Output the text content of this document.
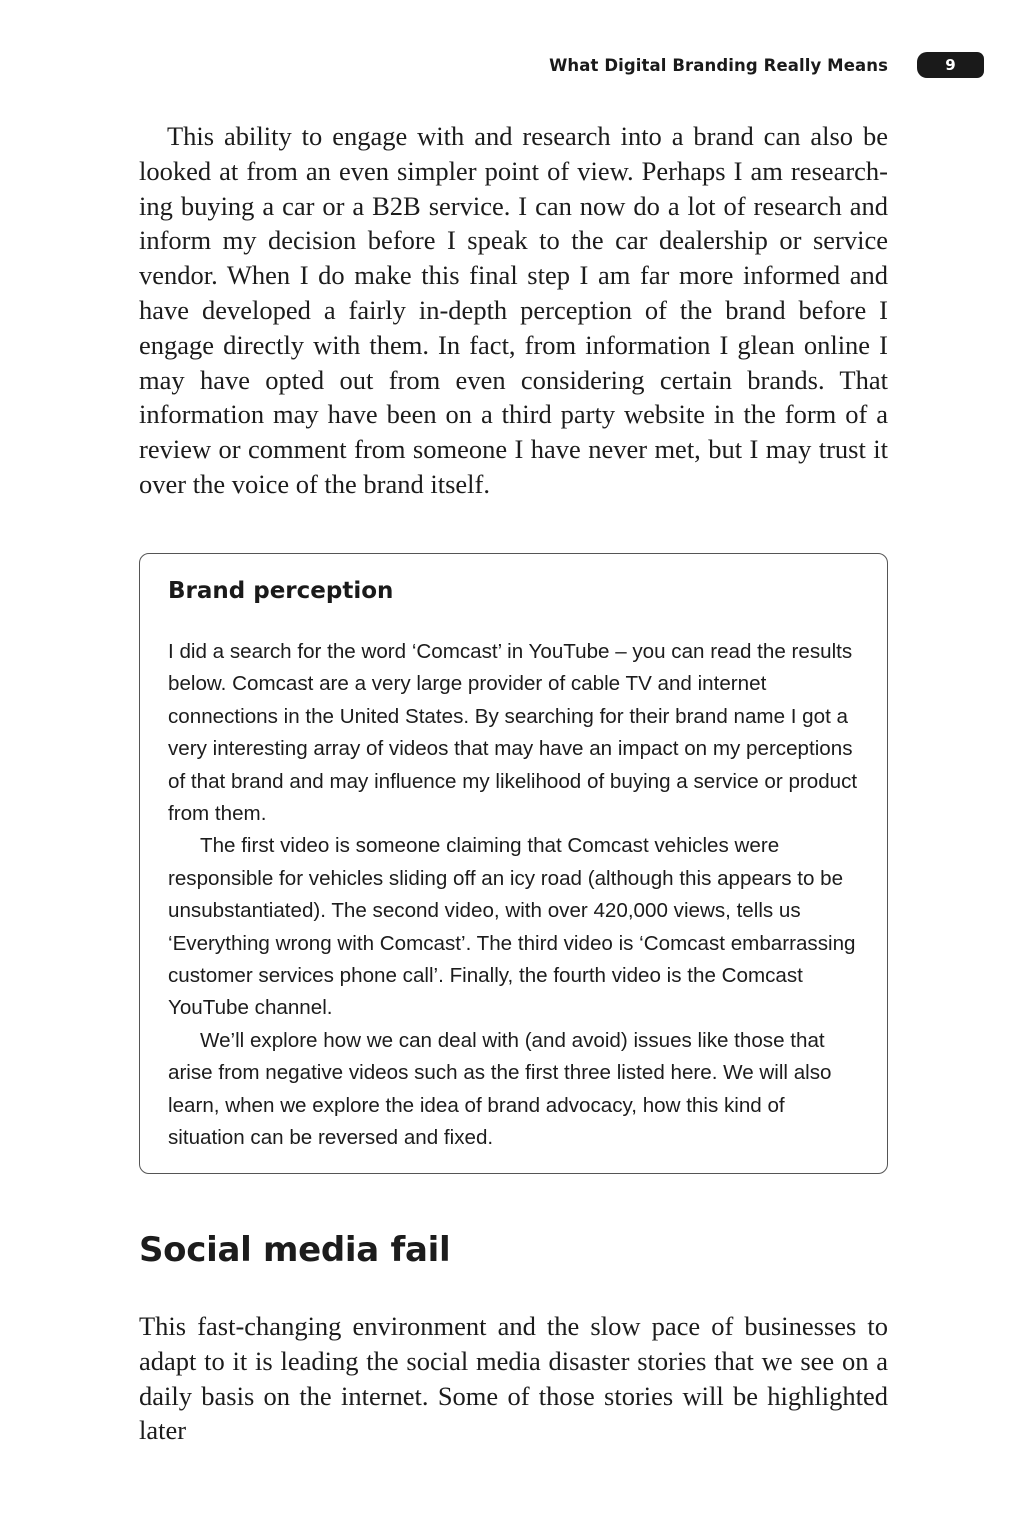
What Digital Branding Really Means	9

This ability to engage with and research into a brand can also be looked at from an even simpler point of view. Perhaps I am researching buying a car or a B2B service. I can now do a lot of research and inform my decision before I speak to the car dealership or service vendor. When I do make this final step I am far more informed and have developed a fairly in-depth perception of the brand before I engage directly with them. In fact, from information I glean online I may have opted out from even considering certain brands. That information may have been on a third party website in the form of a review or comment from someone I have never met, but I may trust it over the voice of the brand itself.

Brand perception

I did a search for the word ‘Comcast’ in YouTube – you can read the results below. Comcast are a very large provider of cable TV and internet connections in the United States. By searching for their brand name I got a very interesting array of videos that may have an impact on my perceptions of that brand and may influence my likelihood of buying a service or product from them.

The first video is someone claiming that Comcast vehicles were responsible for vehicles sliding off an icy road (although this appears to be unsubstantiated). The second video, with over 420,000 views, tells us ‘Everything wrong with Comcast’. The third video is ‘Comcast embarrassing customer services phone call’. Finally, the fourth video is the Comcast YouTube channel.

We’ll explore how we can deal with (and avoid) issues like those that arise from negative videos such as the first three listed here. We will also learn, when we explore the idea of brand advocacy, how this kind of situation can be reversed and fixed.

Social media fail

This fast-changing environment and the slow pace of businesses to adapt to it is leading the social media disaster stories that we see on a daily basis on the internet. Some of those stories will be highlighted later
